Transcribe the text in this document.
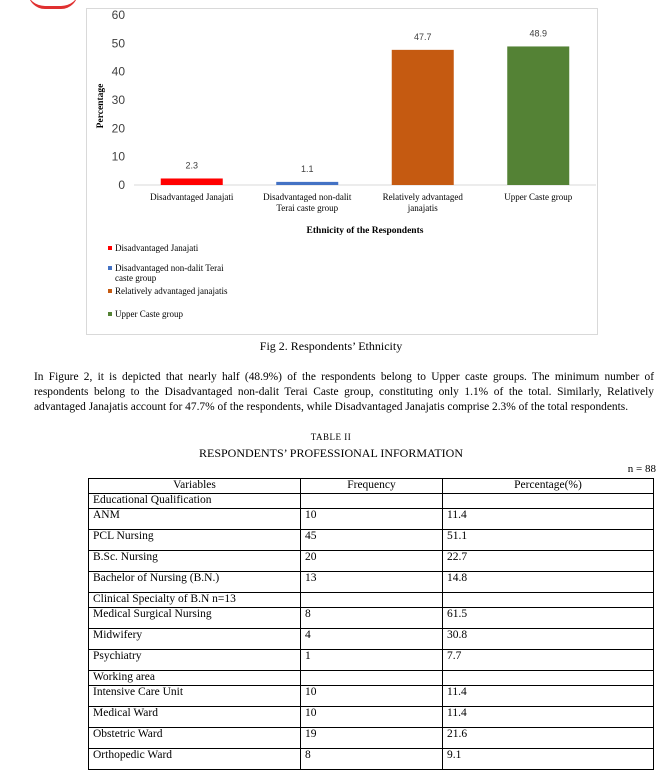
0
10
20
30
40
50
60
Percentage
2.3
Disadvantaged Janajati
1.1
Disadvantaged non-dalit
Terai caste group
47.7
Relatively advantaged
janajatis
48.9
Upper Caste group
Ethnicity of the Respondents
Disadvantaged Janajati
Disadvantaged non-dalit Terai
caste group
Relatively advantaged janajatis
Upper Caste group
Fig 2. Respondents’ Ethnicity

In Figure 2, it is depicted that nearly half (48.9%) of the respondents belong to Upper caste groups. The minimum number of respondents belong to the Disadvantaged non-dalit Terai Caste group, constituting only 1.1% of the total. Similarly, Relatively advantaged Janajatis account for 47.7% of the respondents, while Disadvantaged Janajatis comprise 2.3% of the total respondents.

TABLE II
RESPONDENTS’ PROFESSIONAL INFORMATION
n = 88
Variables	Frequency	Percentage(%)
Educational Qualification		
ANM	10	11.4
PCL Nursing	45	51.1
B.Sc. Nursing	20	22.7
Bachelor of Nursing (B.N.)	13	14.8
Clinical Specialty of B.N n=13		
Medical Surgical Nursing	8	61.5
Midwifery	4	30.8
Psychiatry	1	7.7
Working area		
Intensive Care Unit	10	11.4
Medical Ward	10	11.4
Obstetric Ward	19	21.6
Orthopedic Ward	8	9.1
